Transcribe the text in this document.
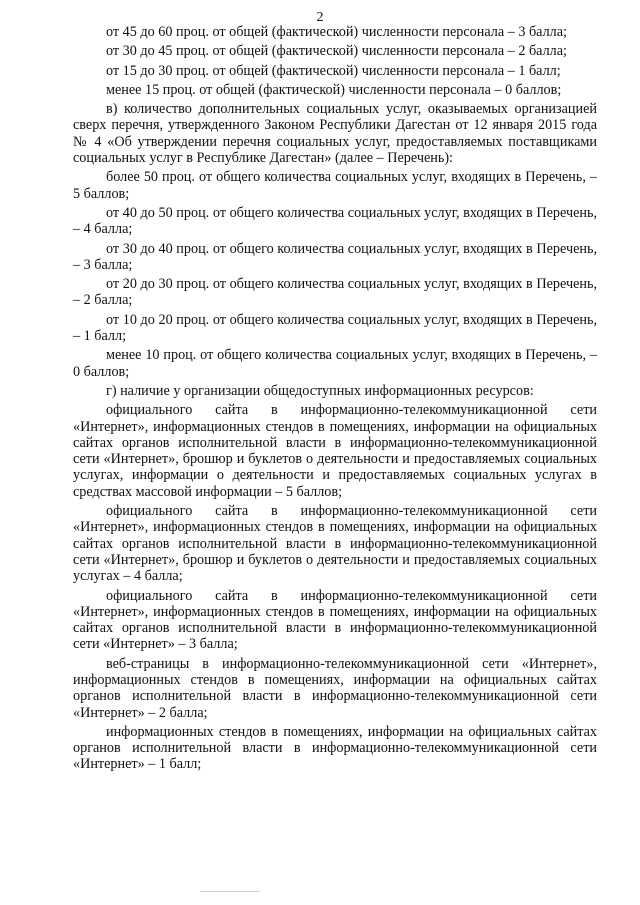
2

от 45 до 60 проц. от общей (фактической) численности персонала – 3 балла;

от 30 до 45 проц. от общей (фактической) численности персонала – 2 балла;

от 15 до 30 проц. от общей (фактической) численности персонала – 1 балл;

менее 15 проц. от общей (фактической) численности персонала – 0 баллов;

в) количество дополнительных социальных услуг, оказываемых организацией сверх перечня, утвержденного Законом Республики Дагестан от 12 января 2015 года № 4 «Об утверждении перечня социальных услуг, предоставляемых поставщиками социальных услуг в Республике Дагестан» (далее – Перечень):

более 50 проц. от общего количества социальных услуг, входящих в Перечень, – 5 баллов;

от 40 до 50 проц. от общего количества социальных услуг, входящих в Перечень, – 4 балла;

от 30 до 40 проц. от общего количества социальных услуг, входящих в Перечень, – 3 балла;

от 20 до 30 проц. от общего количества социальных услуг, входящих в Перечень, – 2 балла;

от 10 до 20 проц. от общего количества социальных услуг, входящих в Перечень, – 1 балл;

менее 10 проц. от общего количества социальных услуг, входящих в Перечень, – 0 баллов;

г) наличие у организации общедоступных информационных ресурсов:

официального сайта в информационно-телекоммуникационной сети «Интернет», информационных стендов в помещениях, информации на официальных сайтах органов исполнительной власти в информационно-телекоммуникационной сети «Интернет», брошюр и буклетов о деятельности и предоставляемых социальных услугах, информации о деятельности и предоставляемых социальных услугах в средствах массовой информации – 5 баллов;

официального сайта в информационно-телекоммуникационной сети «Интернет», информационных стендов в помещениях, информации на официальных сайтах органов исполнительной власти в информационно-телекоммуникационной сети «Интернет», брошюр и буклетов о деятельности и предоставляемых социальных услугах – 4 балла;

официального сайта в информационно-телекоммуникационной сети «Интернет», информационных стендов в помещениях, информации на официальных сайтах органов исполнительной власти в информационно-телекоммуникационной сети «Интернет» – 3 балла;

веб-страницы в информационно-телекоммуникационной сети «Интернет», информационных стендов в помещениях, информации на официальных сайтах органов исполнительной власти в информационно-телекоммуникационной сети «Интернет» – 2 балла;

информационных стендов в помещениях, информации на официальных сайтах органов исполнительной власти в информационно-телекоммуникационной сети «Интернет» – 1 балл;
